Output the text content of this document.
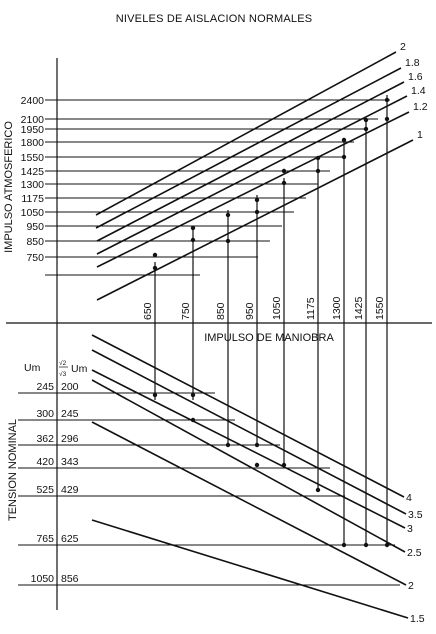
NIVELES DE AISLACION NORMALES
IMPULSO ATMOSFERICO
2400
2100
1950
1800
1550
1425
1300
1175
1050
950
850
750
2
1.8
1.6
1.4
1.2
1
IMPULSO DE MANIOBRA
650 750 850 950 1050 1175 1300 1425 1550
TENSION NOMINAL
Um	√2
√3 Um
245 200
300 245
362 296
420 343
525 429
765 625
1050 856
4
3.5
3
2.5
2
1.5
